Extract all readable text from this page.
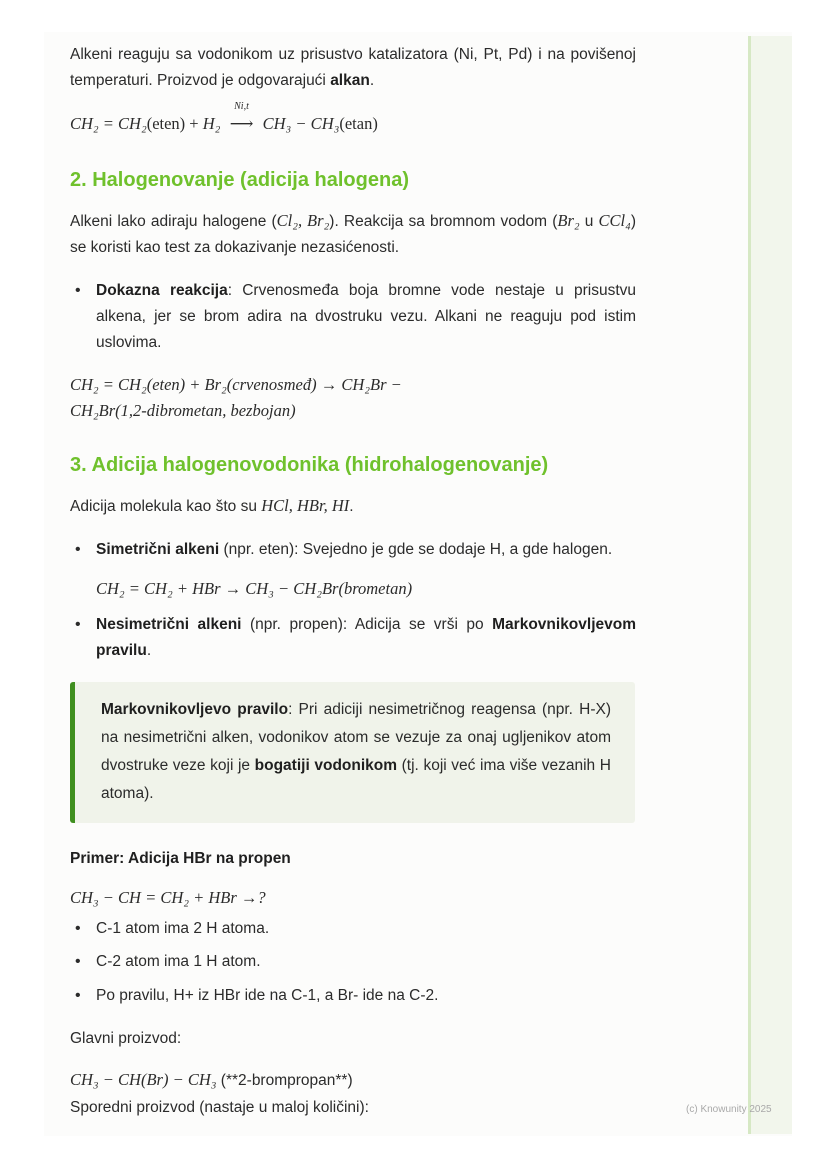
Alkeni reaguju sa vodonikom uz prisustvo katalizatora (Ni, Pt, Pd) i na povišenoj temperaturi. Proizvod je odgovarajući alkan.

CH₂ = CH₂(eten) + H₂
Ni,t
⟶ CH₃ − CH₃(etan)
2. Halogenovanje (adicija halogena)

Alkeni lako adiraju halogene (Cl₂, Br₂). Reakcija sa bromnom vodom (Br₂ u CCl₄) se koristi kao test za dokazivanje nezasićenosti.

• Dokazna reakcija: Crvenosmeđa boja bromne vode nestaje u prisustvu alkena, jer se brom adira na dvostruku vezu. Alkani ne reaguju pod istim uslovima.
CH₂ = CH₂(eten) + Br₂(crvenosmeđ) → CH₂Br −
CH₂Br(1,2-dibrometan, bezbojan)
3. Adicija halogenovodonika (hidrohalogenovanje)

Adicija molekula kao što su HCl, HBr, HI.

• Simetrični alkeni (npr. eten): Svejedno je gde se dodaje H, a gde halogen.
CH₂ = CH₂ + HBr → CH₃ − CH₂Br(brometan)
• Nesimetrični alkeni (npr. propen): Adicija se vrši po Markovnikovljevom pravilu.

Markovnikovljevo pravilo: Pri adiciji nesimetričnog reagensa (npr. H-X) na nesimetrični alken, vodonikov atom se vezuje za onaj ugljenikov atom dvostruke veze koji je bogatiji vodonikom (tj. koji već ima više vezanih H atoma).

Primer: Adicija HBr na propen

CH₃ − CH = CH₂ + HBr →?
• C-1 atom ima 2 H atoma.
• C-2 atom ima 1 H atom.
• Po pravilu, H+ iz HBr ide na C-1, a Br- ide na C-2.

Glavni proizvod:

CH₃ − CH(Br) − CH₃ (**2-brompropan**)

Sporedni proizvod (nastaje u maloj količini):	(c) Knowunity 2025
